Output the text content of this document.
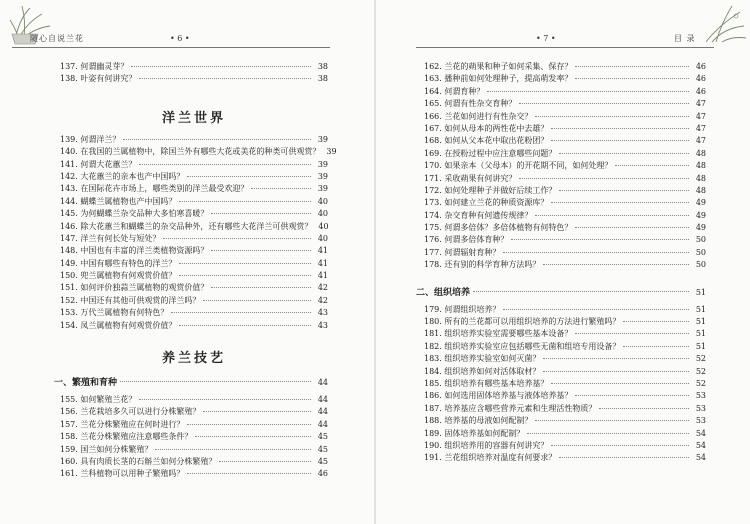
随心自说兰花	• 6 •
137. 何谓幽灵芽？	38
138. 叶姿有何讲究？	38
洋兰世界
139. 何谓洋兰？	39
140. 在我国的兰属植物中，除国兰外有哪些大花或美花的种类可供观赏？ 39
141. 何谓大花蕙兰？	39
142. 大花蕙兰的亲本也产中国吗？	39
143. 在国际花卉市场上，哪些类别的洋兰最受欢迎？	39
144. 蝴蝶兰属植物也产中国吗？	40
145. 为何蝴蝶兰杂交品种大多怕寒喜暖？	40
146. 除大花蕙兰和蝴蝶兰的杂交品种外，还有哪些大花洋兰可供观赏？ 40
147. 洋兰有何长处与短处？	40
148. 中国也有丰富的洋兰类植物资源吗？	41
149. 中国有哪些有特色的洋兰？	41
150. 兜兰属植物有何观赏价值？	41
151. 如何评价独蒜兰属植物的观赏价值？	42
152. 中国还有其他可供观赏的洋兰吗？	42
153. 万代兰属植物有何特色？	43
154. 凤兰属植物有何观赏价值？	43
养兰技艺
一、繁殖和育种	44
155. 如何繁殖兰花？	44
156. 兰花栽培多久可以进行分株繁殖？	44
157. 兰花分株繁殖应在何时进行？	44
158. 兰花分株繁殖应注意哪些条件？	45
159. 国兰如何分株繁殖？	45
160. 具有肉质长茎的石斛兰如何分株繁殖？	45
161. 兰科植物可以用种子繁殖吗？	46
• 7 •	目 录
162. 兰花的蒴果和种子如何采集、保存？	46
163. 播种前如何处理种子，提高萌发率？	46
164. 何谓育种？	46
165. 何谓有性杂交育种？	47
166. 兰花如何进行有性杂交？	47
167. 如何从母本的两性花中去雄？	47
168. 如何从父本花中取出花粉团？	47
169. 在授粉过程中应注意哪些问题？	48
170. 如果亲本（父母本）的开花期不同，如何处理？	48
171. 采收蒴果有何讲究？	48
172. 如何处理种子并做好后续工作？	48
173. 如何建立兰花的种质资源库？	49
174. 杂交育种有何遗传规律？	49
175. 何谓多倍体？多倍体植物有何特色？	49
176. 何谓多倍体育种？	50
177. 何谓辐射育种？	50
178. 还有别的科学育种方法吗？	50
二、组织培养	51
179. 何谓组织培养？	51
180. 所有的兰花都可以用组织培养的方法进行繁殖吗？	51
181. 组织培养实验室需要哪些基本设备？	51
182. 组织培养实验室应包括哪些无菌和组培专用设备？	51
183. 组织培养实验室如何灭菌？	52
184. 组织培养如何对活体取材？	52
185. 组织培养有哪些基本培养基？	52
186. 如何选用固体培养基与液体培养基？	53
187. 培养基应含哪些营养元素和生理活性物质？	53
188. 培养基的母液如何配制？	53
189. 固体培养基如何配制？	54
190. 组织培养用的容器有何讲究？	54
191. 兰花组织培养对温度有何要求？	54
